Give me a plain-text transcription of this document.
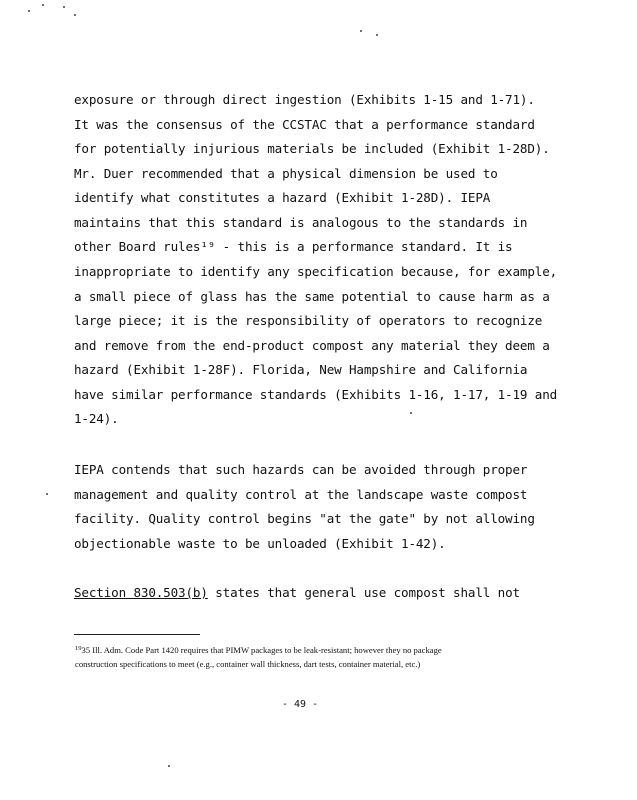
exposure or through direct ingestion (Exhibits 1-15 and 1-71).
It was the consensus of the CCSTAC that a performance standard
for potentially injurious materials be included (Exhibit 1-28D).
Mr. Duer recommended that a physical dimension be used to
identify what constitutes a hazard (Exhibit 1-28D). IEPA
maintains that this standard is analogous to the standards in
other Board rules¹⁹ - this is a performance standard. It is
inappropriate to identify any specification because, for example,
a small piece of glass has the same potential to cause harm as a
large piece; it is the responsibility of operators to recognize
and remove from the end-product compost any material they deem a
hazard (Exhibit 1-28F). Florida, New Hampshire and California
have similar performance standards (Exhibits 1-16, 1-17, 1-19 and
1-24).
IEPA contends that such hazards can be avoided through proper
management and quality control at the landscape waste compost
facility. Quality control begins "at the gate" by not allowing
objectionable waste to be unloaded (Exhibit 1-42).
Section 830.503(b) states that general use compost shall not
$^{19}$35 Ill. Adm. Code Part 1420 requires that PIMW packages to be leak-resistant; however they no package
construction specifications to meet (e.g., container wall thickness, dart tests, container material, etc.)
- 49 -
